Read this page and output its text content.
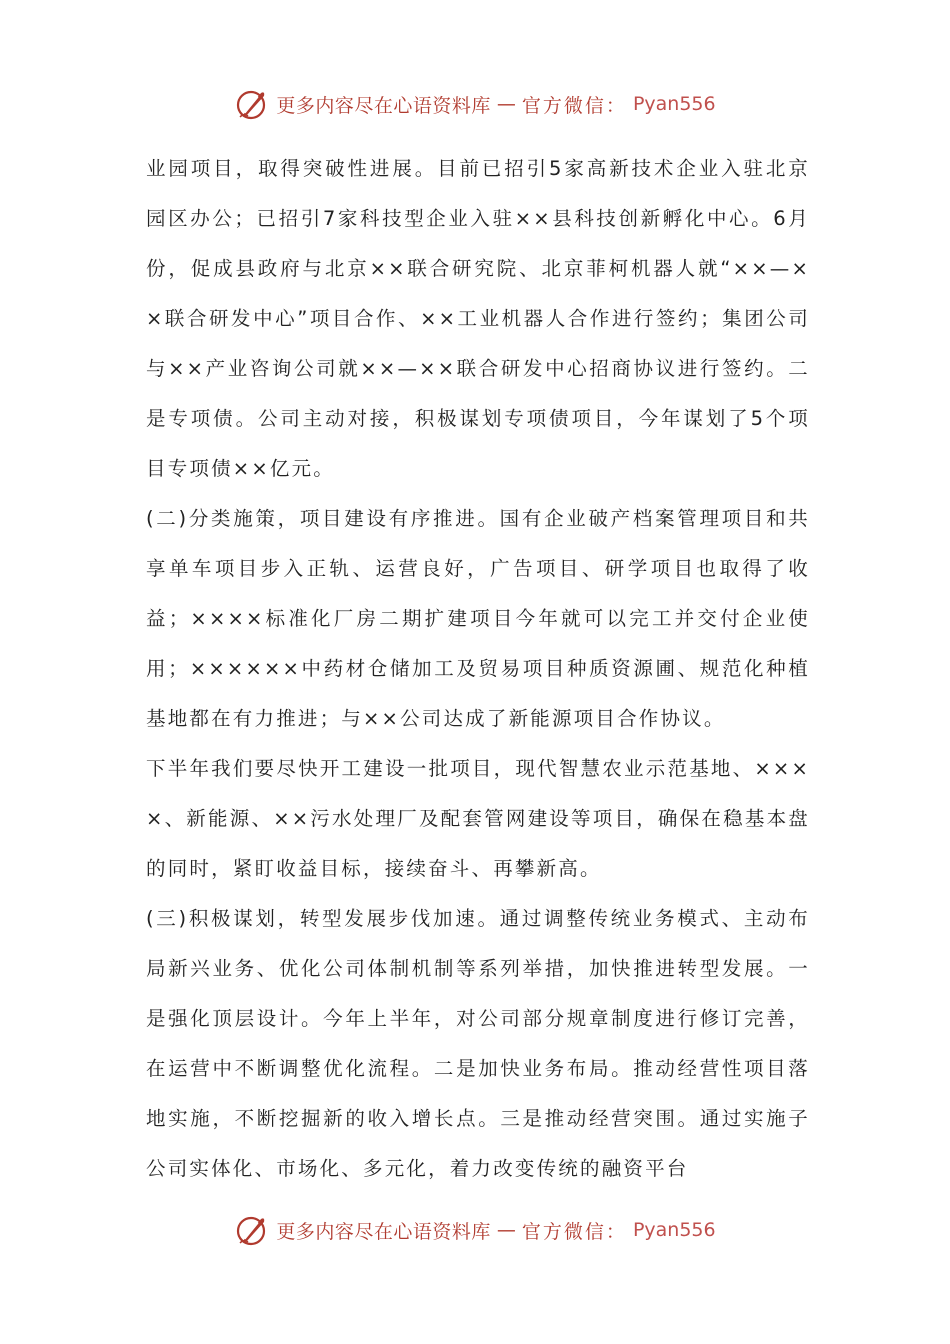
更多内容尽在心语资料库 — 官方微信： Pyan556

业园项目，取得突破性进展。目前已招引5家高新技术企业入驻北京园区办公；已招引7家科技型企业入驻××县科技创新孵化中心。6月份，促成县政府与北京××联合研究院、北京菲柯机器人就“××—××联合研发中心”项目合作、××工业机器人合作进行签约；集团公司与××产业咨询公司就××—××联合研发中心招商协议进行签约。二是专项债。公司主动对接，积极谋划专项债项目，今年谋划了5个项目专项债××亿元。

(二)分类施策，项目建设有序推进。国有企业破产档案管理项目和共享单车项目步入正轨、运营良好，广告项目、研学项目也取得了收益；××××标准化厂房二期扩建项目今年就可以完工并交付企业使用；××××××中药材仓储加工及贸易项目种质资源圃、规范化种植基地都在有力推进；与××公司达成了新能源项目合作协议。

下半年我们要尽快开工建设一批项目，现代智慧农业示范基地、××××、新能源、××污水处理厂及配套管网建设等项目，确保在稳基本盘的同时，紧盯收益目标，接续奋斗、再攀新高。

(三)积极谋划，转型发展步伐加速。通过调整传统业务模式、主动布局新兴业务、优化公司体制机制等系列举措，加快推进转型发展。一是强化顶层设计。今年上半年，对公司部分规章制度进行修订完善，在运营中不断调整优化流程。二是加快业务布局。推动经营性项目落地实施，不断挖掘新的收入增长点。三是推动经营突围。通过实施子公司实体化、市场化、多元化，着力改变传统的融资平台

更多内容尽在心语资料库 — 官方微信： Pyan556
